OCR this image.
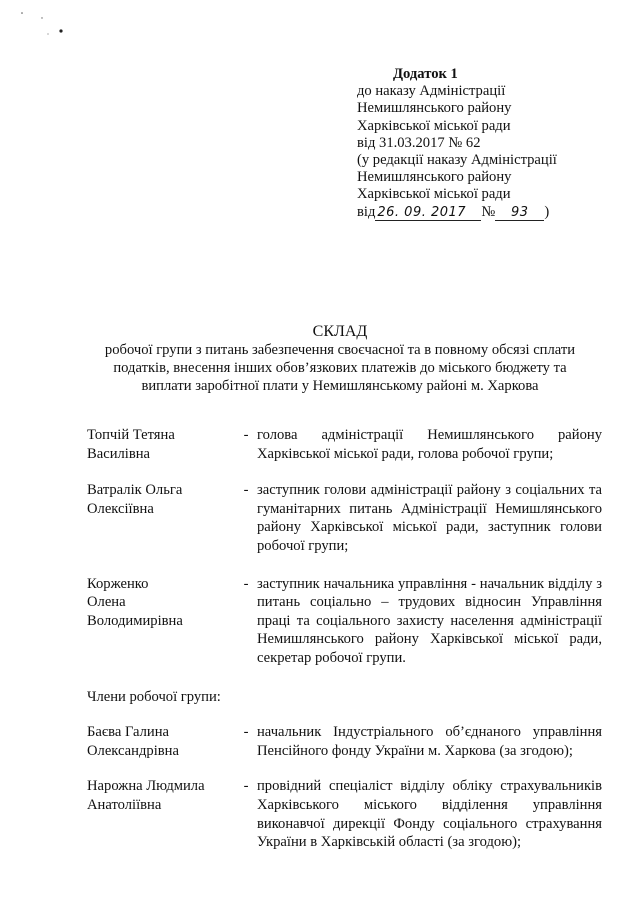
Додаток 1
до наказу Адміністрації
Немишлянського району
Харківської міської ради
від 31.03.2017 № 62
(у редакції наказу Адміністрації
Немишлянського району
Харківської міської ради
від 26. 09. 2017 № 93 )
СКЛАД
робочої групи з питань забезпечення своєчасної та в повному обсязі сплати
податків, внесення інших обов’язкових платежів до міського бюджету та
виплати заробітної плати у Немишлянському районі м. Харкова
Топчій Тетяна
Василівна
- голова адміністрації Немишлянського району Харківської міської ради, голова робочої групи;
Ватралік Ольга
Олексіївна
- заступник голови адміністрації району з соціальних та гуманітарних питань Адміністрації Немишлянського району Харківської міської ради, заступник голови робочої групи;
Корженко
Олена
Володимирівна
- заступник начальника управління - начальник відділу з питань соціально – трудових відносин Управління праці та соціального захисту населення адміністрації Немишлянського району Харківської міської ради, секретар робочої групи.
Члени робочої групи:
Баєва Галина
Олександрівна
- начальник Індустріального об’єднаного управління Пенсійного фонду України м. Харкова (за згодою);
Нарожна Людмила
Анатоліївна
- провідний спеціаліст відділу обліку страхувальників Харківського міського відділення управління виконавчої дирекції Фонду соціального страхування України в Харківській області (за згодою);
